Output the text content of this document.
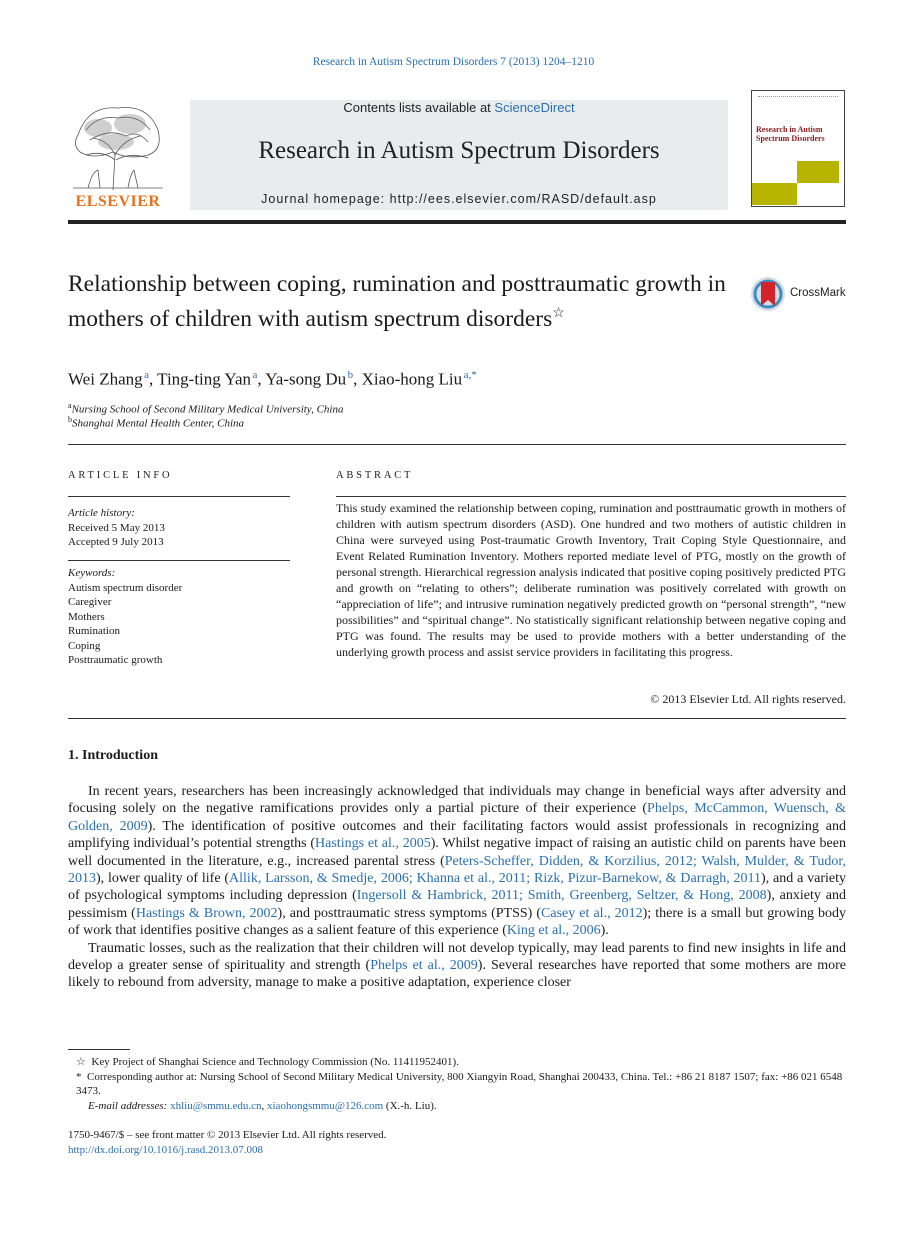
Research in Autism Spectrum Disorders 7 (2013) 1204–1210
ELSEVIER
Contents lists available at ScienceDirect
Research in Autism Spectrum Disorders
Journal homepage: http://ees.elsevier.com/RASD/default.asp
Research in Autism Spectrum Disorders
Relationship between coping, rumination and posttraumatic growth in mothers of children with autism spectrum disorders☆
CrossMark
Wei Zhang $^a$, Ting-ting Yan $^a$, Ya-song Du $^b$, Xiao-hong Liu $^{a,*}$
$^a$Nursing School of Second Military Medical University, China
$^b$Shanghai Mental Health Center, China
ARTICLE INFO
Article history:
Received 5 May 2013
Accepted 9 July 2013
Keywords:
Autism spectrum disorder
Caregiver
Mothers
Rumination
Coping
Posttraumatic growth
ABSTRACT
This study examined the relationship between coping, rumination and posttraumatic growth in mothers of children with autism spectrum disorders (ASD). One hundred and two mothers of autistic children in China were surveyed using Post-traumatic Growth Inventory, Trait Coping Style Questionnaire, and Event Related Rumination Inventory. Mothers reported mediate level of PTG, mostly on the growth of personal strength. Hierarchical regression analysis indicated that positive coping positively predicted PTG and growth on “relating to others”; deliberate rumination was positively correlated with growth on “appreciation of life”; and intrusive rumination negatively predicted growth on “personal strength”, “new possibilities” and “spiritual change”. No statistically significant relationship between negative coping and PTG was found. The results may be used to provide mothers with a better understanding of the underlying growth process and assist service providers in facilitating this progress.
© 2013 Elsevier Ltd. All rights reserved.
1. Introduction

In recent years, researchers has been increasingly acknowledged that individuals may change in beneficial ways after adversity and focusing solely on the negative ramifications provides only a partial picture of their experience (Phelps, McCammon, Wuensch, & Golden, 2009). The identification of positive outcomes and their facilitating factors would assist professionals in recognizing and amplifying individual’s potential strengths (Hastings et al., 2005). Whilst negative impact of raising an autistic child on parents have been well documented in the literature, e.g., increased parental stress (Peters-Scheffer, Didden, & Korzilius, 2012; Walsh, Mulder, & Tudor, 2013), lower quality of life (Allik, Larsson, & Smedje, 2006; Khanna et al., 2011; Rizk, Pizur-Barnekow, & Darragh, 2011), and a variety of psychological symptoms including depression (Ingersoll & Hambrick, 2011; Smith, Greenberg, Seltzer, & Hong, 2008), anxiety and pessimism (Hastings & Brown, 2002), and posttraumatic stress symptoms (PTSS) (Casey et al., 2012); there is a small but growing body of work that identifies positive changes as a salient feature of this experience (King et al., 2006).

Traumatic losses, such as the realization that their children will not develop typically, may lead parents to find new insights in life and develop a greater sense of spirituality and strength (Phelps et al., 2009). Several researches have reported that some mothers are more likely to rebound from adversity, manage to make a positive adaptation, experience closer

☆ Key Project of Shanghai Science and Technology Commission (No. 11411952401).

* Corresponding author at: Nursing School of Second Military Medical University, 800 Xiangyin Road, Shanghai 200433, China. Tel.: +86 21 8187 1507; fax: +86 021 6548 3473.

E-mail addresses: xhliu@smmu.edu.cn, xiaohongsmmu@126.com (X.-h. Liu).

1750-9467/$ – see front matter © 2013 Elsevier Ltd. All rights reserved.
http://dx.doi.org/10.1016/j.rasd.2013.07.008
